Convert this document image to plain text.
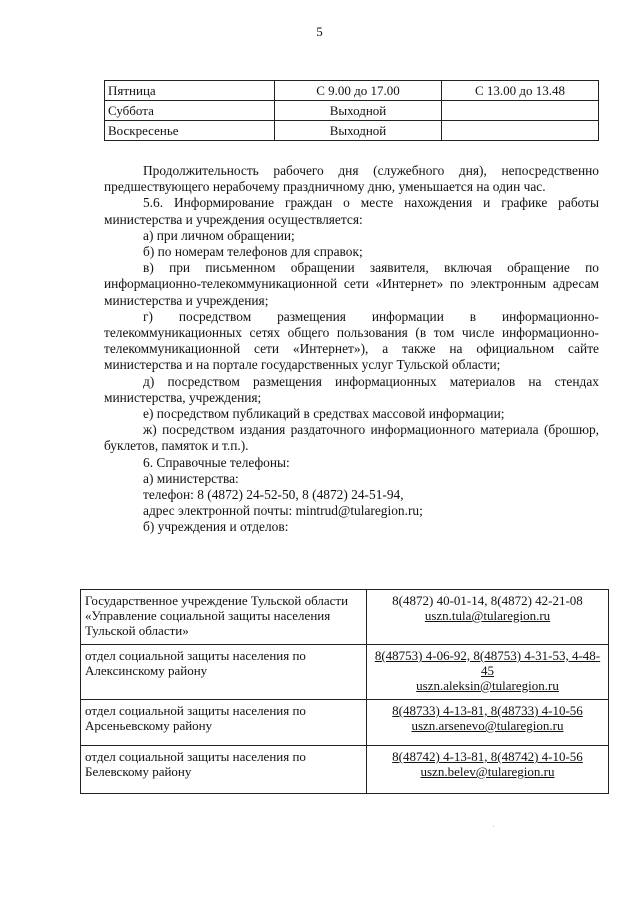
5
Пятница	С 9.00 до 17.00	С 13.00 до 13.48
Суббота	Выходной	
Воскресенье	Выходной	

Продолжительность рабочего дня (служебного дня), непосредственно предшествующего нерабочему праздничному дню, уменьшается на один час.

5.6. Информирование граждан о месте нахождения и графике работы министерства и учреждения осуществляется:

а) при личном обращении;

б) по номерам телефонов для справок;

в) при письменном обращении заявителя, включая обращение по информационно-телекоммуникационной сети «Интернет» по электронным адресам министерства и учреждения;

г) посредством размещения информации в информационно-телекоммуникационных сетях общего пользования (в том числе информационно-телекоммуникационной сети «Интернет»), а также на официальном сайте министерства и на портале государственных услуг Тульской области;

д) посредством размещения информационных материалов на стендах министерства, учреждения;

е) посредством публикаций в средствах массовой информации;

ж) посредством издания раздаточного информационного материала (брошюр, буклетов, памяток и т.п.).

6. Справочные телефоны:

а) министерства:

телефон: 8 (4872) 24-52-50, 8 (4872) 24-51-94,

адрес электронной почты: mintrud@tularegion.ru;

б) учреждения и отделов:

Государственное учреждение Тульской области «Управление социальной защиты населения Тульской области»	8(4872) 40-01-14, 8(4872) 42-21-08
uszn.tula@tularegion.ru

отдел социальной защиты населения по Алексинскому району	8(48753) 4-06-92, 8(48753) 4-31-53, 4-48-45
uszn.aleksin@tularegion.ru

отдел социальной защиты населения по Арсеньевскому району	8(48733) 4-13-81, 8(48733) 4-10-56
uszn.arsenevo@tularegion.ru

отдел социальной защиты населения по Белевскому району	8(48742) 4-13-81, 8(48742) 4-10-56
uszn.belev@tularegion.ru
·
